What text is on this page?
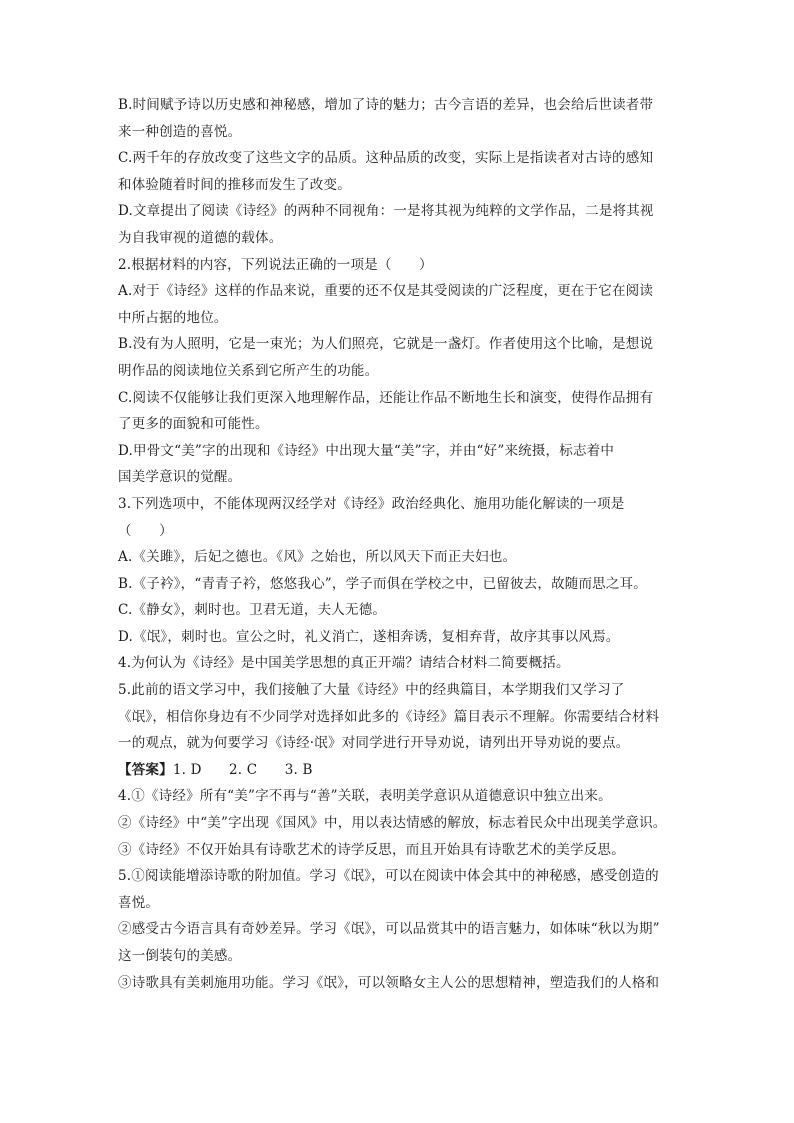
B.时间赋予诗以历史感和神秘感，增加了诗的魅力；古今言语的差异，也会给后世读者带
来一种创造的喜悦。
C.两千年的存放改变了这些文字的品质。这种品质的改变，实际上是指读者对古诗的感知
和体验随着时间的推移而发生了改变。
D.文章提出了阅读《诗经》的两种不同视角：一是将其视为纯粹的文学作品，二是将其视
为自我审视的道德的载体。
2.根据材料的内容，下列说法正确的一项是（　　）
A.对于《诗经》这样的作品来说，重要的还不仅是其受阅读的广泛程度，更在于它在阅读
中所占据的地位。
B.没有为人照明，它是一束光；为人们照亮，它就是一盏灯。作者使用这个比喻，是想说
明作品的阅读地位关系到它所产生的功能。
C.阅读不仅能够让我们更深入地理解作品，还能让作品不断地生长和演变，使得作品拥有
了更多的面貌和可能性。
D.甲骨文“美”字的出现和《诗经》中出现大量“美”字，并由“好”来统摄，标志着中
国美学意识的觉醒。
3.下列选项中，不能体现两汉经学对《诗经》政治经典化、施用功能化解读的一项是
（　　）
A.《关雎》，后妃之德也。《风》之始也，所以风天下而正夫妇也。
B.《子衿》，“青青子衿，悠悠我心”，学子而俱在学校之中，已留彼去，故随而思之耳。
C.《静女》，刺时也。卫君无道，夫人无德。
D.《氓》，刺时也。宣公之时，礼义消亡，遂相奔诱，复相弃背，故序其事以风焉。
4.为何认为《诗经》是中国美学思想的真正开端？请结合材料二简要概括。
5.此前的语文学习中，我们接触了大量《诗经》中的经典篇目，本学期我们又学习了
《氓》，相信你身边有不少同学对选择如此多的《诗经》篇目表示不理解。你需要结合材料
一的观点，就为何要学习《诗经·氓》对同学进行开导劝说，请列出开导劝说的要点。
【答案】1. D　　2. C　　3. B
4.①《诗经》所有“美”字不再与“善”关联，表明美学意识从道德意识中独立出来。
②《诗经》中“美”字出现《国风》中，用以表达情感的解放，标志着民众中出现美学意识。
③《诗经》不仅开始具有诗歌艺术的诗学反思，而且开始具有诗歌艺术的美学反思。
5.①阅读能增添诗歌的附加值。学习《氓》，可以在阅读中体会其中的神秘感，感受创造的
喜悦。
②感受古今语言具有奇妙差异。学习《氓》，可以品赏其中的语言魅力，如体味“秋以为期”
这一倒装句的美感。
③诗歌具有美刺施用功能。学习《氓》，可以领略女主人公的思想精神，塑造我们的人格和
